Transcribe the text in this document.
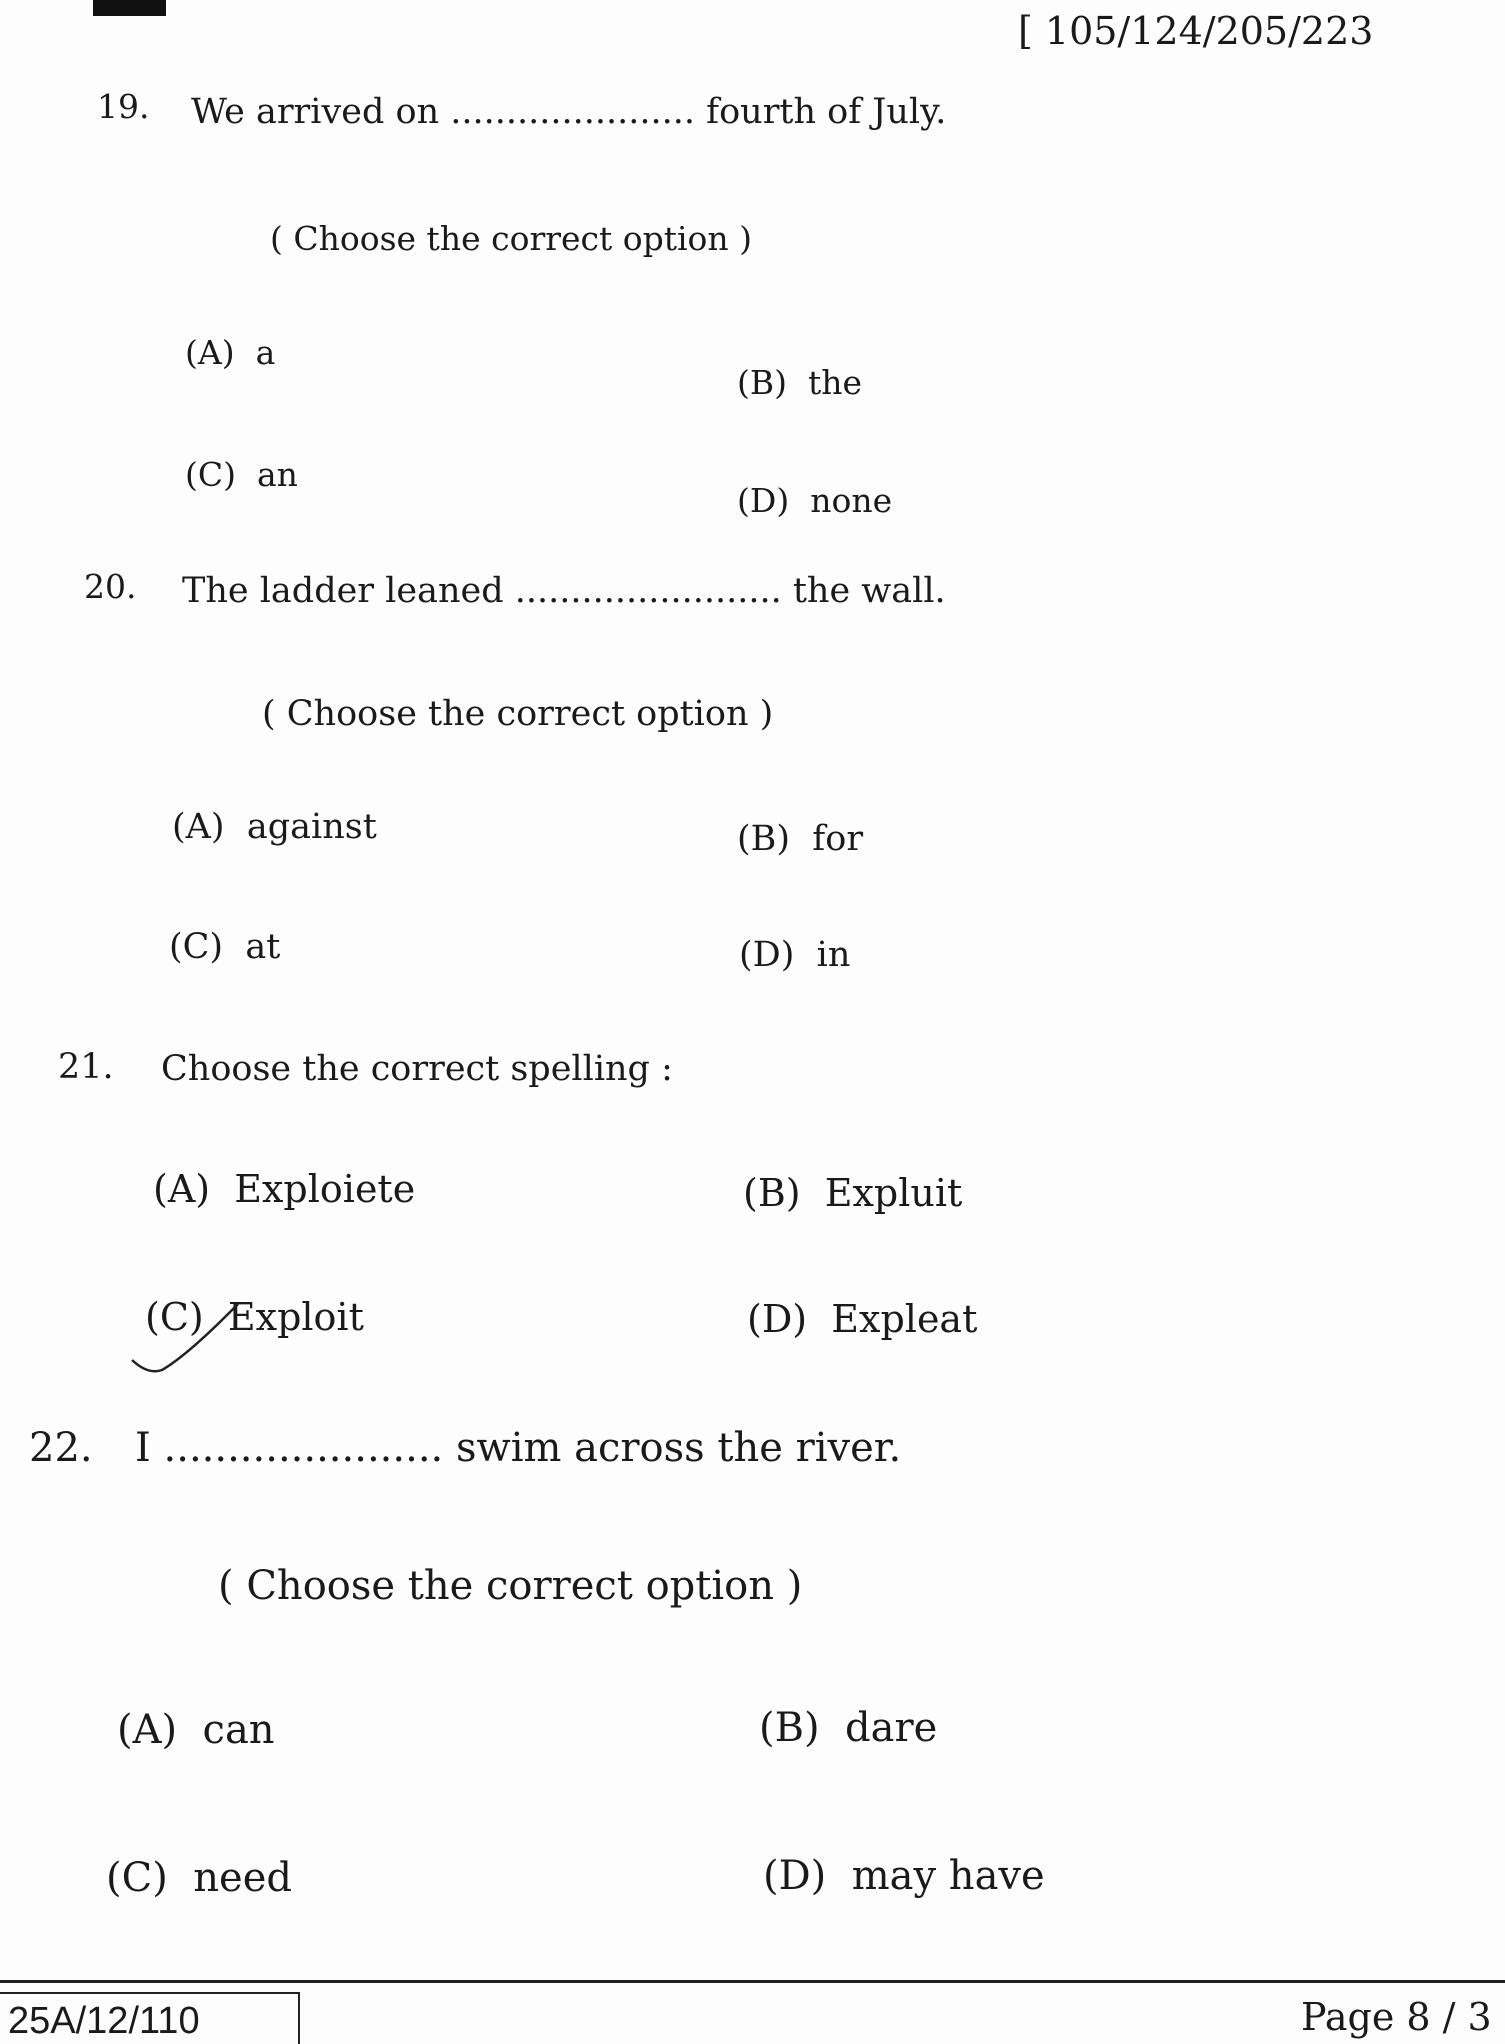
[ 105/124/205/223
19. We arrived on ...................... fourth of July.
( Choose the correct option )
(A) a
(B) the
(C) an
(D) none
20. The ladder leaned ........................ the wall.
( Choose the correct option )
(A) against	(B) for
(C) at	(D) in
21. Choose the correct spelling :
(A) Exploiete	(B) Expluit
(C) Exploit	(D) Expleat
22. I ...................... swim across the river.
( Choose the correct option )
(A) can	(B) dare
(C) need	(D) may have
25A/12/110	Page 8 / 3
